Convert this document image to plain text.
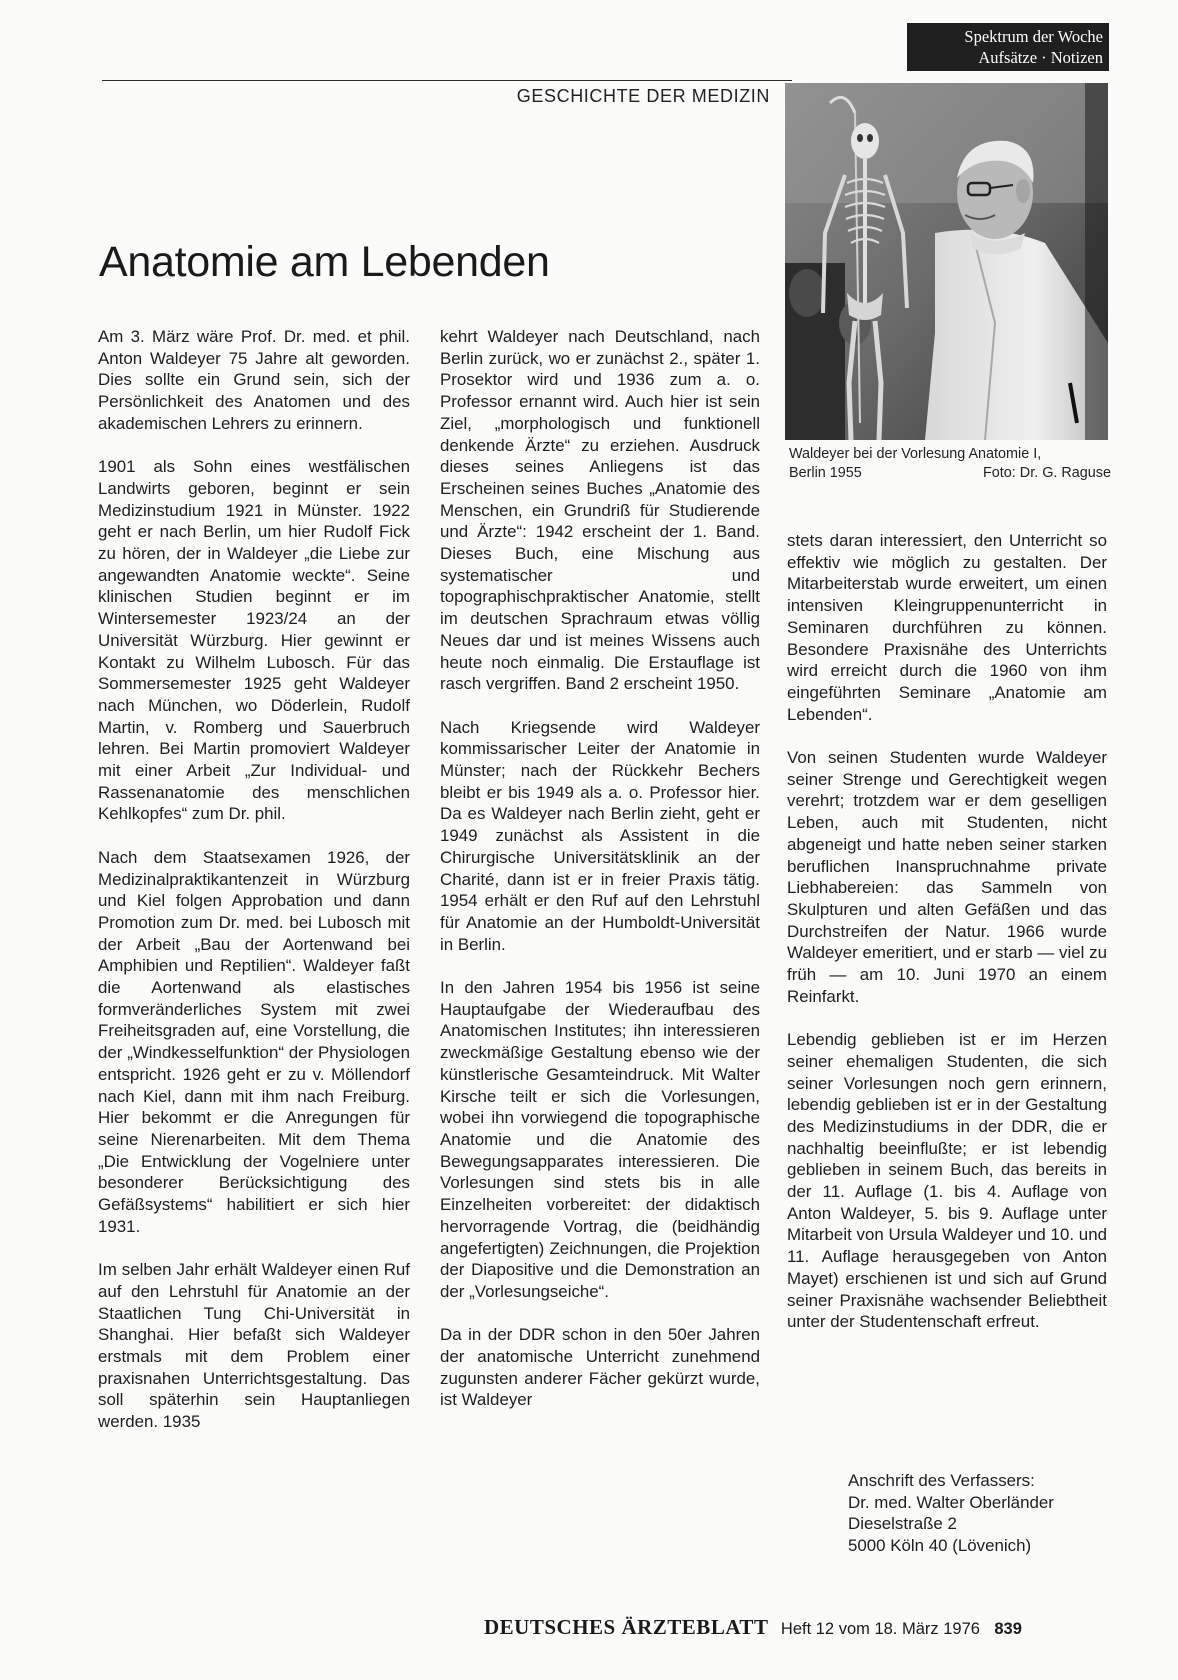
Spektrum der Woche
Aufsätze · Notizen
GESCHICHTE DER MEDIZIN
Anatomie am Lebenden
Waldeyer bei der Vorlesung Anatomie I,
Berlin 1955	Foto: Dr. G. Raguse

Am 3. März wäre Prof. Dr. med. et phil. Anton Waldeyer 75 Jahre alt geworden. Dies sollte ein Grund sein, sich der Persönlichkeit des Anatomen und des akademischen Lehrers zu erinnern.

1901 als Sohn eines westfälischen Landwirts geboren, beginnt er sein Medizinstudium 1921 in Münster. 1922 geht er nach Berlin, um hier Rudolf Fick zu hören, der in Waldeyer „die Liebe zur angewandten Anatomie weckte“. Seine klinischen Studien beginnt er im Wintersemester 1923/24 an der Universität Würzburg. Hier gewinnt er Kontakt zu Wilhelm Lubosch. Für das Sommersemester 1925 geht Waldeyer nach München, wo Döderlein, Rudolf Martin, v. Romberg und Sauerbruch lehren. Bei Martin promoviert Waldeyer mit einer Arbeit „Zur Individual- und Rassenanatomie des menschlichen Kehlkopfes“ zum Dr. phil.

Nach dem Staatsexamen 1926, der Medizinalpraktikantenzeit in Würzburg und Kiel folgen Approbation und dann Promotion zum Dr. med. bei Lubosch mit der Arbeit „Bau der Aortenwand bei Amphibien und Reptilien“. Waldeyer faßt die Aortenwand als elastisches formveränderliches System mit zwei Freiheitsgraden auf, eine Vorstellung, die der „Windkesselfunktion“ der Physiologen entspricht. 1926 geht er zu v. Möllendorf nach Kiel, dann mit ihm nach Freiburg. Hier bekommt er die Anregungen für seine Nierenarbeiten. Mit dem Thema „Die Entwicklung der Vogelniere unter besonderer Berücksichtigung des Gefäßsystems“ habilitiert er sich hier 1931.

Im selben Jahr erhält Waldeyer einen Ruf auf den Lehrstuhl für Anatomie an der Staatlichen Tung Chi-Universität in Shanghai. Hier befaßt sich Waldeyer erstmals mit dem Problem einer praxisnahen Unterrichtsgestaltung. Das soll späterhin sein Hauptanliegen werden. 1935

kehrt Waldeyer nach Deutschland, nach Berlin zurück, wo er zunächst 2., später 1. Prosektor wird und 1936 zum a. o. Professor ernannt wird. Auch hier ist sein Ziel, „morphologisch und funktionell denkende Ärzte“ zu erziehen. Ausdruck dieses seines Anliegens ist das Erscheinen seines Buches „Anatomie des Menschen, ein Grundriß für Studierende und Ärzte“: 1942 erscheint der 1. Band. Dieses Buch, eine Mischung aus systematischer und topographischpraktischer Anatomie, stellt im deutschen Sprachraum etwas völlig Neues dar und ist meines Wissens auch heute noch einmalig. Die Erstauflage ist rasch vergriffen. Band 2 erscheint 1950.

Nach Kriegsende wird Waldeyer kommissarischer Leiter der Anatomie in Münster; nach der Rückkehr Bechers bleibt er bis 1949 als a. o. Professor hier. Da es Waldeyer nach Berlin zieht, geht er 1949 zunächst als Assistent in die Chirurgische Universitätsklinik an der Charité, dann ist er in freier Praxis tätig. 1954 erhält er den Ruf auf den Lehrstuhl für Anatomie an der Humboldt-Universität in Berlin.

In den Jahren 1954 bis 1956 ist seine Hauptaufgabe der Wiederaufbau des Anatomischen Institutes; ihn interessieren zweckmäßige Gestaltung ebenso wie der künstlerische Gesamteindruck. Mit Walter Kirsche teilt er sich die Vorlesungen, wobei ihn vorwiegend die topographische Anatomie und die Anatomie des Bewegungsapparates interessieren. Die Vorlesungen sind stets bis in alle Einzelheiten vorbereitet: der didaktisch hervorragende Vortrag, die (beidhändig angefertigten) Zeichnungen, die Projektion der Diapositive und die Demonstration an der „Vorlesungseiche“.

Da in der DDR schon in den 50er Jahren der anatomische Unterricht zunehmend zugunsten anderer Fächer gekürzt wurde, ist Waldeyer

stets daran interessiert, den Unterricht so effektiv wie möglich zu gestalten. Der Mitarbeiterstab wurde erweitert, um einen intensiven Kleingruppenunterricht in Seminaren durchführen zu können. Besondere Praxisnähe des Unterrichts wird erreicht durch die 1960 von ihm eingeführten Seminare „Anatomie am Lebenden“.

Von seinen Studenten wurde Waldeyer seiner Strenge und Gerechtigkeit wegen verehrt; trotzdem war er dem geselligen Leben, auch mit Studenten, nicht abgeneigt und hatte neben seiner starken beruflichen Inanspruchnahme private Liebhabereien: das Sammeln von Skulpturen und alten Gefäßen und das Durchstreifen der Natur. 1966 wurde Waldeyer emeritiert, und er starb — viel zu früh — am 10. Juni 1970 an einem Reinfarkt.

Lebendig geblieben ist er im Herzen seiner ehemaligen Studenten, die sich seiner Vorlesungen noch gern erinnern, lebendig geblieben ist er in der Gestaltung des Medizinstudiums in der DDR, die er nachhaltig beeinflußte; er ist lebendig geblieben in seinem Buch, das bereits in der 11. Auflage (1. bis 4. Auflage von Anton Waldeyer, 5. bis 9. Auflage unter Mitarbeit von Ursula Waldeyer und 10. und 11. Auflage herausgegeben von Anton Mayet) erschienen ist und sich auf Grund seiner Praxisnähe wachsender Beliebtheit unter der Studentenschaft erfreut.

Anschrift des Verfassers:
Dr. med. Walter Oberländer
Dieselstraße 2
5000 Köln 40 (Lövenich)
DEUTSCHES ÄRZTEBLATT Heft 12 vom 18. März 1976 839
